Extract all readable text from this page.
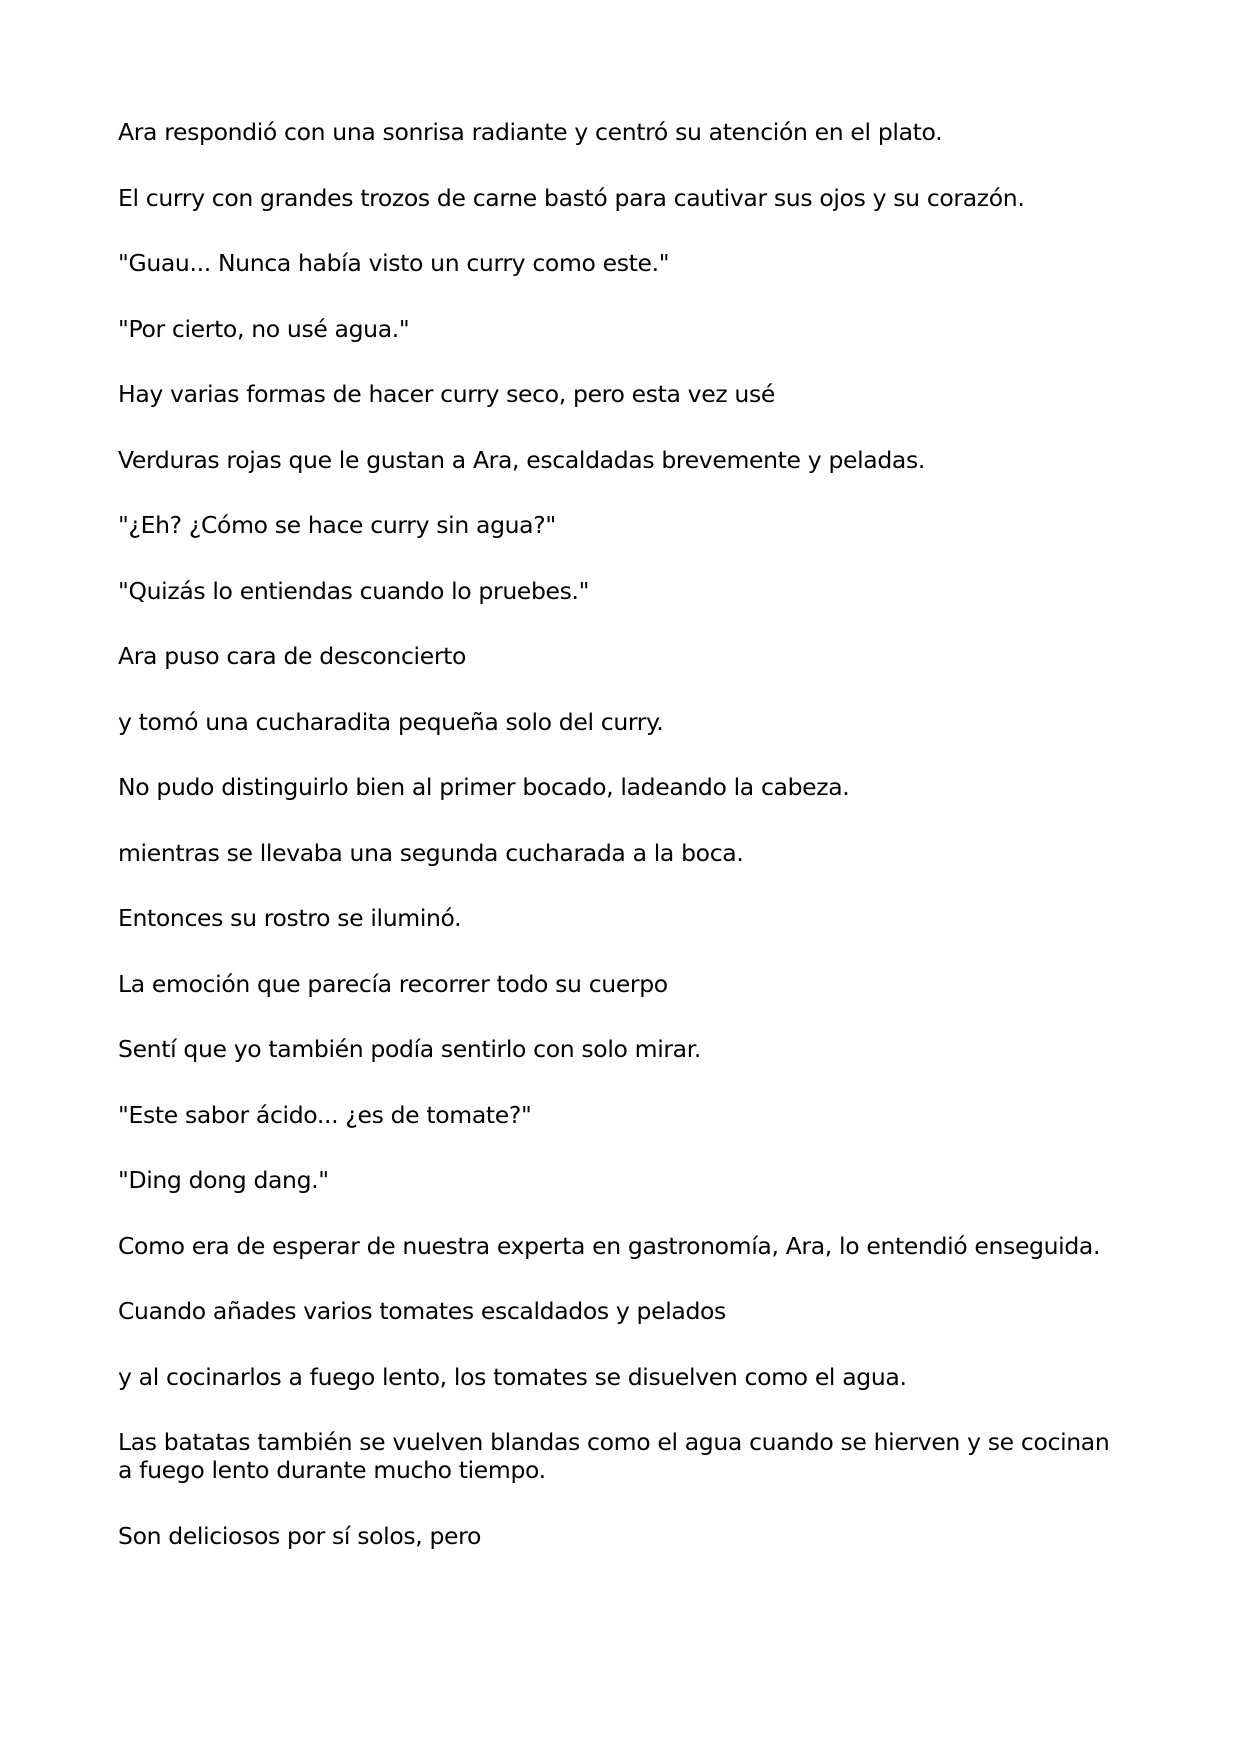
Ara respondió con una sonrisa radiante y centró su atención en el plato.

El curry con grandes trozos de carne bastó para cautivar sus ojos y su corazón.

"Guau... Nunca había visto un curry como este."

"Por cierto, no usé agua."

Hay varias formas de hacer curry seco, pero esta vez usé

Verduras rojas que le gustan a Ara, escaldadas brevemente y peladas.

"¿Eh? ¿Cómo se hace curry sin agua?"

"Quizás lo entiendas cuando lo pruebes."

Ara puso cara de desconcierto

y tomó una cucharadita pequeña solo del curry.

No pudo distinguirlo bien al primer bocado, ladeando la cabeza.

mientras se llevaba una segunda cucharada a la boca.

Entonces su rostro se iluminó.

La emoción que parecía recorrer todo su cuerpo

Sentí que yo también podía sentirlo con solo mirar.

"Este sabor ácido... ¿es de tomate?"

"Ding dong dang."

Como era de esperar de nuestra experta en gastronomía, Ara, lo entendió enseguida.

Cuando añades varios tomates escaldados y pelados

y al cocinarlos a fuego lento, los tomates se disuelven como el agua.

Las batatas también se vuelven blandas como el agua cuando se hierven y se cocinan a fuego lento durante mucho tiempo.

Son deliciosos por sí solos, pero
